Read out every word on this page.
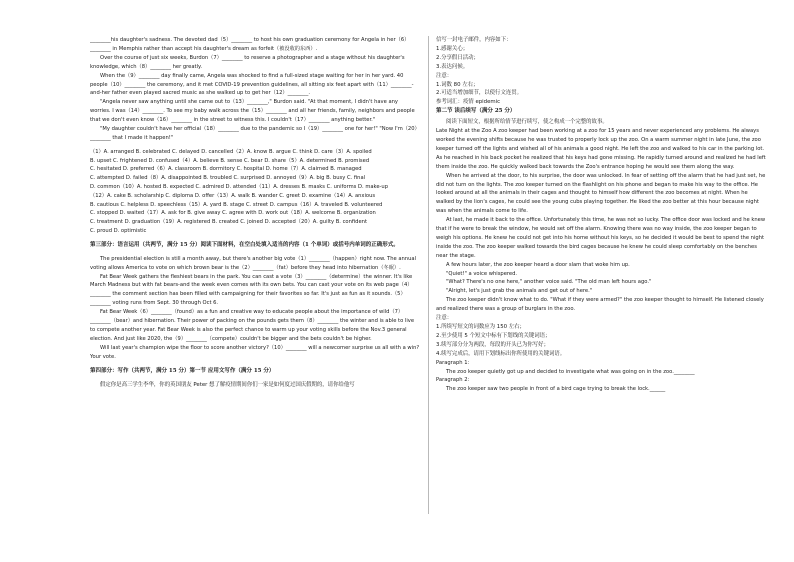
________his daughter's sadness. The devoted dad（5）________ to host his own graduation ceremony for Angela in her（6）________ in Memphis rather than accept his daughter's dream as forfeit（被没收的东西）.

Over the course of just six weeks, Burdon（7）________ to reserve a photographer and a stage without his daughter's knowledge, which（8）________ her greatly.

When the（9）________ day finally came, Angela was shocked to find a full-sized stage waiting for her in her yard. 40 people（10）________ the ceremony, and it met COVID-19 prevention guidelines, all sitting six feet apart with（11）________-and-her father even played sacred music as she walked up to get her（12）________.

"Angela never saw anything until she came out to（13）________," Burdon said. "At that moment, I didn't have any worries. I was（14）________. To see my baby walk across the（15）________ and all her friends, family, neighbors and people that we don't even know（16）________ in the street to witness this. I couldn't（17）________ anything better."

"My daughter couldn't have her official（18）________ due to the pandemic so I（19）________ one for her!" "Now I'm（20）________ that I made it happen!"

（1）A. arranged B. celebrated C. delayed D. cancelled（2）A. know B. argue C. think D. care（3）A. spoiled

B. upset C. frightened D. confused（4）A. believe B. sense C. bear D. share（5）A. determined B. promised

C. hesitated D. preferred（6）A. classroom B. dormitory C. hospital D. home（7）A. claimed B. managed

C. attempted D. failed（8）A. disappointed B. troubled C. surprised D. annoyed（9）A. big B. busy C. final

D. common（10）A. hosted B. expected C. admired D. attended（11）A. dresses B. masks C. uniforms D. make-up

（12）A. cake B. scholarship C. diploma D. offer（13）A. walk B. wander C. greet D. examine（14）A. anxious

B. cautious C. helpless D. speechless（15）A. yard B. stage C. street D. campus（16）A. traveled B. volunteered

C. stopped D. waited（17）A. ask for B. give away C. agree with D. work out（18）A. welcome B. organization

C. treatment D. graduation（19）A. registered B. created C. joined D. accepted（20）A. guilty B. confident

C. proud D. optimistic

第三部分：语言运用（共两节，满分 15 分）阅读下面材料，在空白处填入适当的内容（1 个单词）或括号内单词的正确形式。

The presidential election is still a month away, but there's another big vote（1）________（happen）right now. The annual voting allows America to vote on which brown bear is the（2）________（fat）before they head into hibernation（冬眠）.

Fat Bear Week gathers the fleshiest bears in the park. You can cast a vote（3）________（determine）the winner. It's like March Madness but with fat bears-and the week even comes with its own bets. You can cast your vote on its web page（4）________ the comment section has been filled with campaigning for their favorites so far. It's just as fun as it sounds.（5）________ voting runs from Sept. 30 through Oct 6.

Fat Bear Week（6）________（found）as a fun and creative way to educate people about the importance of wild（7）________（bear）and hibernation. Their power of packing on the pounds gets them（8）________ the winter and is able to live to compete another year. Fat Bear Week is also the perfect chance to warm up your voting skills before the Nov.3 general election. And just like 2020, the（9）________（compete）couldn't be bigger and the bets couldn't be higher.

Will last year's champion wipe the floor to score another victory?（10）________ will a newcomer surprise us all with a win? Your vote.

第四部分：写作（共两节，满分 15 分）第一节 应用文写作（满分 15 分）

假定你是高三学生李华，你的英国朋友 Peter 想了解疫情期间你们一家是如何度过国庆假期的，请你给他写

信写一封电子邮件，内容如下：

1.感谢关心；

2.分享假日活动；

3.表达问候。

注意：

1.词数 80 左右；

2.可适当增加细节，以使行文连贯。

参考词汇：疫情 epidemic

第二节 读后续写（满分 25 分）

阅读下面短文，根据所给情节进行续写，使之构成一个完整的故事。

Late Night at the Zoo A zoo keeper had been working at a zoo for 15 years and never experienced any problems. He always worked the evening shifts because he was trusted to properly lock up the zoo. On a warm summer night in late June, the zoo keeper turned off the lights and wished all of his animals a good night. He left the zoo and walked to his car in the parking lot. As he reached in his back pocket he realized that his keys had gone missing. He rapidly turned around and realized he had left them inside the zoo. He quickly walked back towards the Zoo's entrance hoping he would see them along the way.

When he arrived at the door, to his surprise, the door was unlocked. In fear of setting off the alarm that he had just set, he did not turn on the lights. The zoo keeper turned on the flashlight on his phone and began to make his way to the office. He looked around at all the animals in their cages and thought to himself how different the zoo becomes at night. When he walked by the lion's cages, he could see the young cubs playing together. He liked the zoo better at this hour because night was when the animals come to life.

At last, he made it back to the office. Unfortunately this time, he was not so lucky. The office door was locked and he knew that if he were to break the window, he would set off the alarm. Knowing there was no way inside, the zoo keeper began to weigh his options. He knew he could not get into his home without his keys, so he decided it would be best to spend the night inside the zoo. The zoo keeper walked towards the bird cages because he knew he could sleep comfortably on the benches near the stage.

A few hours later, the zoo keeper heard a door slam that woke him up.

"Quiet!" a voice whispered.

"What? There's no one here," another voice said. "The old man left hours ago."

"Alright, let's just grab the animals and get out of here."

The zoo keeper didn't know what to do. "What if they were armed?" the zoo keeper thought to himself. He listened closely and realized there was a group of burglars in the zoo.

注意：

1.所续写短文的词数应为 150 左右；

2.至少使用 5 个短文中标有下划线的关键词语；

3.续写部分分为两段，每段的开头已为你写好；

4.续写完成后，请用下划线标出你所使用的关键词语。

Paragraph 1：

The zoo keeper quietly got up and decided to investigate what was going on in the zoo.________

Paragraph 2：

The zoo keeper saw two people in front of a bird cage trying to break the lock.______
